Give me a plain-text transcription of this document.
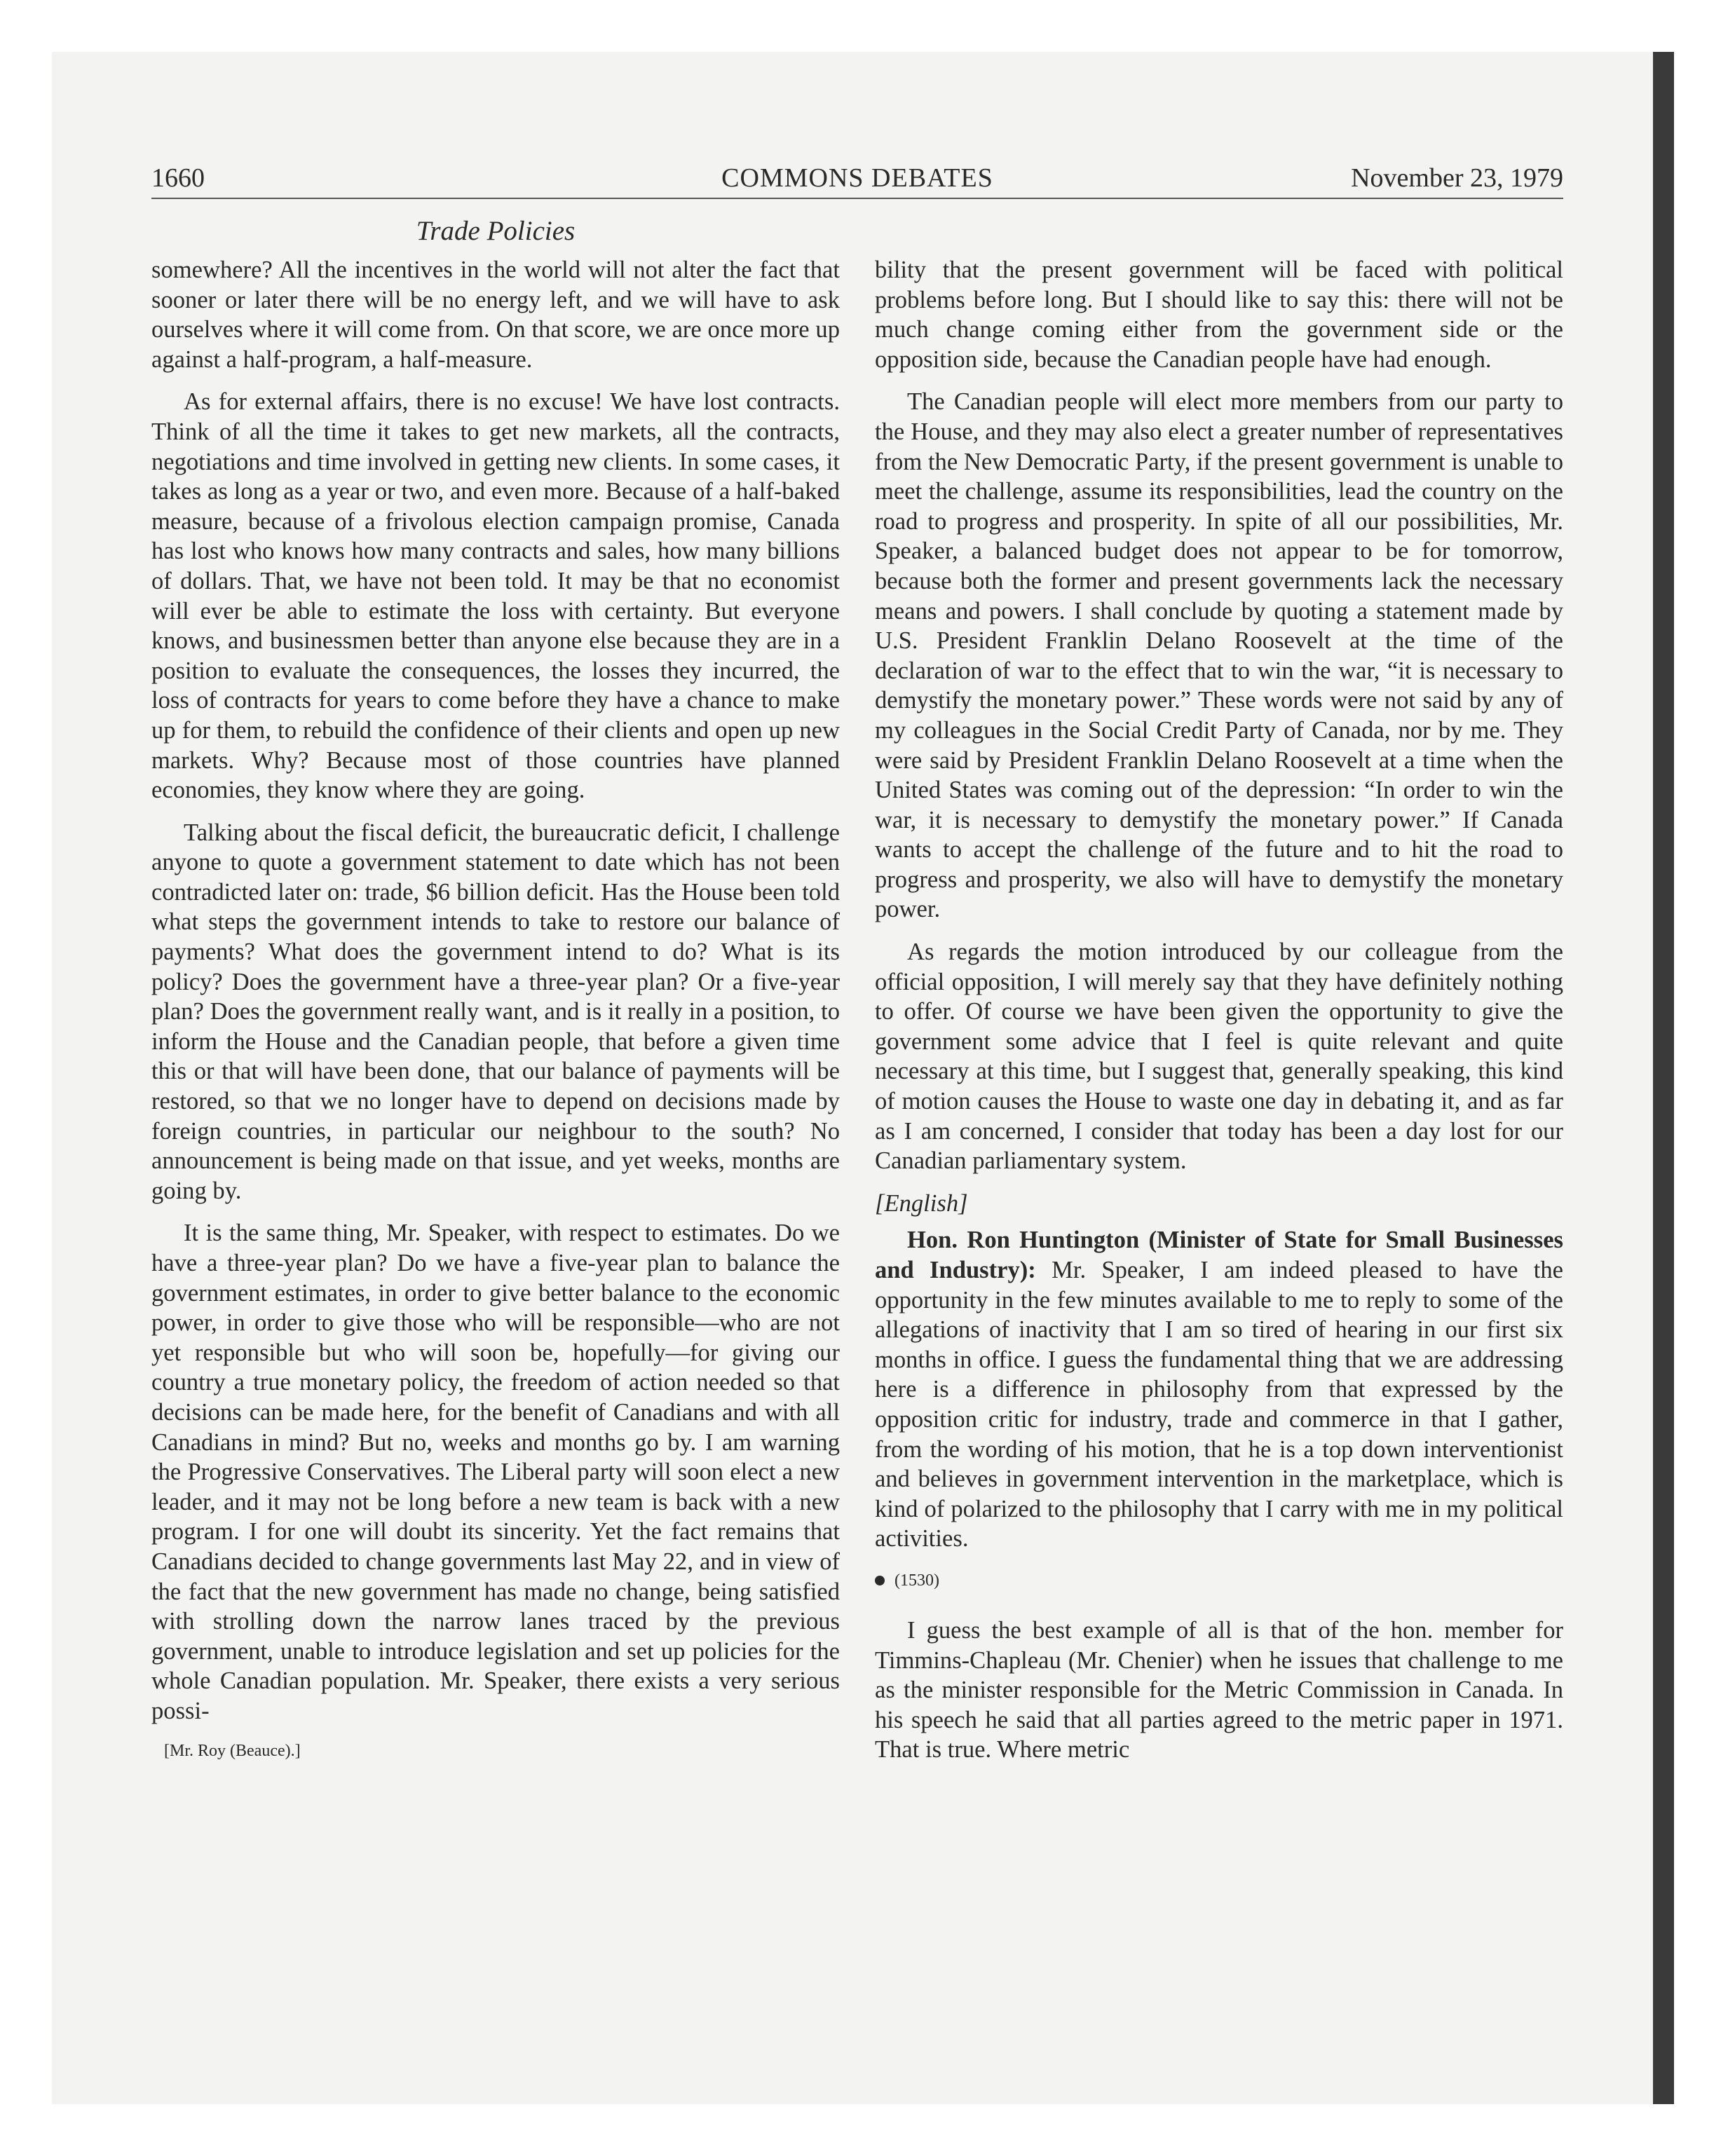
1660	COMMONS DEBATES	November 23, 1979
Trade Policies

somewhere? All the incentives in the world will not alter the fact that sooner or later there will be no energy left, and we will have to ask ourselves where it will come from. On that score, we are once more up against a half-program, a half-measure.

As for external affairs, there is no excuse! We have lost contracts. Think of all the time it takes to get new markets, all the contracts, negotiations and time involved in getting new clients. In some cases, it takes as long as a year or two, and even more. Because of a half-baked measure, because of a frivolous election campaign promise, Canada has lost who knows how many contracts and sales, how many billions of dollars. That, we have not been told. It may be that no economist will ever be able to estimate the loss with certainty. But everyone knows, and businessmen better than anyone else because they are in a position to evaluate the consequences, the losses they incurred, the loss of contracts for years to come before they have a chance to make up for them, to rebuild the confidence of their clients and open up new markets. Why? Because most of those countries have planned economies, they know where they are going.

Talking about the fiscal deficit, the bureaucratic deficit, I challenge anyone to quote a government statement to date which has not been contradicted later on: trade, $6 billion deficit. Has the House been told what steps the government intends to take to restore our balance of payments? What does the government intend to do? What is its policy? Does the government have a three-year plan? Or a five-year plan? Does the government really want, and is it really in a position, to inform the House and the Canadian people, that before a given time this or that will have been done, that our balance of payments will be restored, so that we no longer have to depend on decisions made by foreign countries, in particular our neighbour to the south? No announcement is being made on that issue, and yet weeks, months are going by.

It is the same thing, Mr. Speaker, with respect to estimates. Do we have a three-year plan? Do we have a five-year plan to balance the government estimates, in order to give better balance to the economic power, in order to give those who will be responsible—who are not yet responsible but who will soon be, hopefully—for giving our country a true monetary policy, the freedom of action needed so that decisions can be made here, for the benefit of Canadians and with all Canadians in mind? But no, weeks and months go by. I am warning the Progressive Conservatives. The Liberal party will soon elect a new leader, and it may not be long before a new team is back with a new program. I for one will doubt its sincerity. Yet the fact remains that Canadians decided to change governments last May 22, and in view of the fact that the new government has made no change, being satisfied with strolling down the narrow lanes traced by the previous government, unable to introduce legislation and set up policies for the whole Canadian population. Mr. Speaker, there exists a very serious possi-

[Mr. Roy (Beauce).]

bility that the present government will be faced with political problems before long. But I should like to say this: there will not be much change coming either from the government side or the opposition side, because the Canadian people have had enough.

The Canadian people will elect more members from our party to the House, and they may also elect a greater number of representatives from the New Democratic Party, if the present government is unable to meet the challenge, assume its responsibilities, lead the country on the road to progress and prosperity. In spite of all our possibilities, Mr. Speaker, a balanced budget does not appear to be for tomorrow, because both the former and present governments lack the necessary means and powers. I shall conclude by quoting a statement made by U.S. President Franklin Delano Roosevelt at the time of the declaration of war to the effect that to win the war, “it is necessary to demystify the monetary power.” These words were not said by any of my colleagues in the Social Credit Party of Canada, nor by me. They were said by President Franklin Delano Roosevelt at a time when the United States was coming out of the depression: “In order to win the war, it is necessary to demystify the monetary power.” If Canada wants to accept the challenge of the future and to hit the road to progress and prosperity, we also will have to demystify the monetary power.

As regards the motion introduced by our colleague from the official opposition, I will merely say that they have definitely nothing to offer. Of course we have been given the opportunity to give the government some advice that I feel is quite relevant and quite necessary at this time, but I suggest that, generally speaking, this kind of motion causes the House to waste one day in debating it, and as far as I am concerned, I consider that today has been a day lost for our Canadian parliamentary system.

[English]

Hon. Ron Huntington (Minister of State for Small Businesses and Industry): Mr. Speaker, I am indeed pleased to have the opportunity in the few minutes available to me to reply to some of the allegations of inactivity that I am so tired of hearing in our first six months in office. I guess the fundamental thing that we are addressing here is a difference in philosophy from that expressed by the opposition critic for industry, trade and commerce in that I gather, from the wording of his motion, that he is a top down interventionist and believes in government intervention in the marketplace, which is kind of polarized to the philosophy that I carry with me in my political activities.

(1530)

I guess the best example of all is that of the hon. member for Timmins-Chapleau (Mr. Chenier) when he issues that challenge to me as the minister responsible for the Metric Commission in Canada. In his speech he said that all parties agreed to the metric paper in 1971. That is true. Where metric
